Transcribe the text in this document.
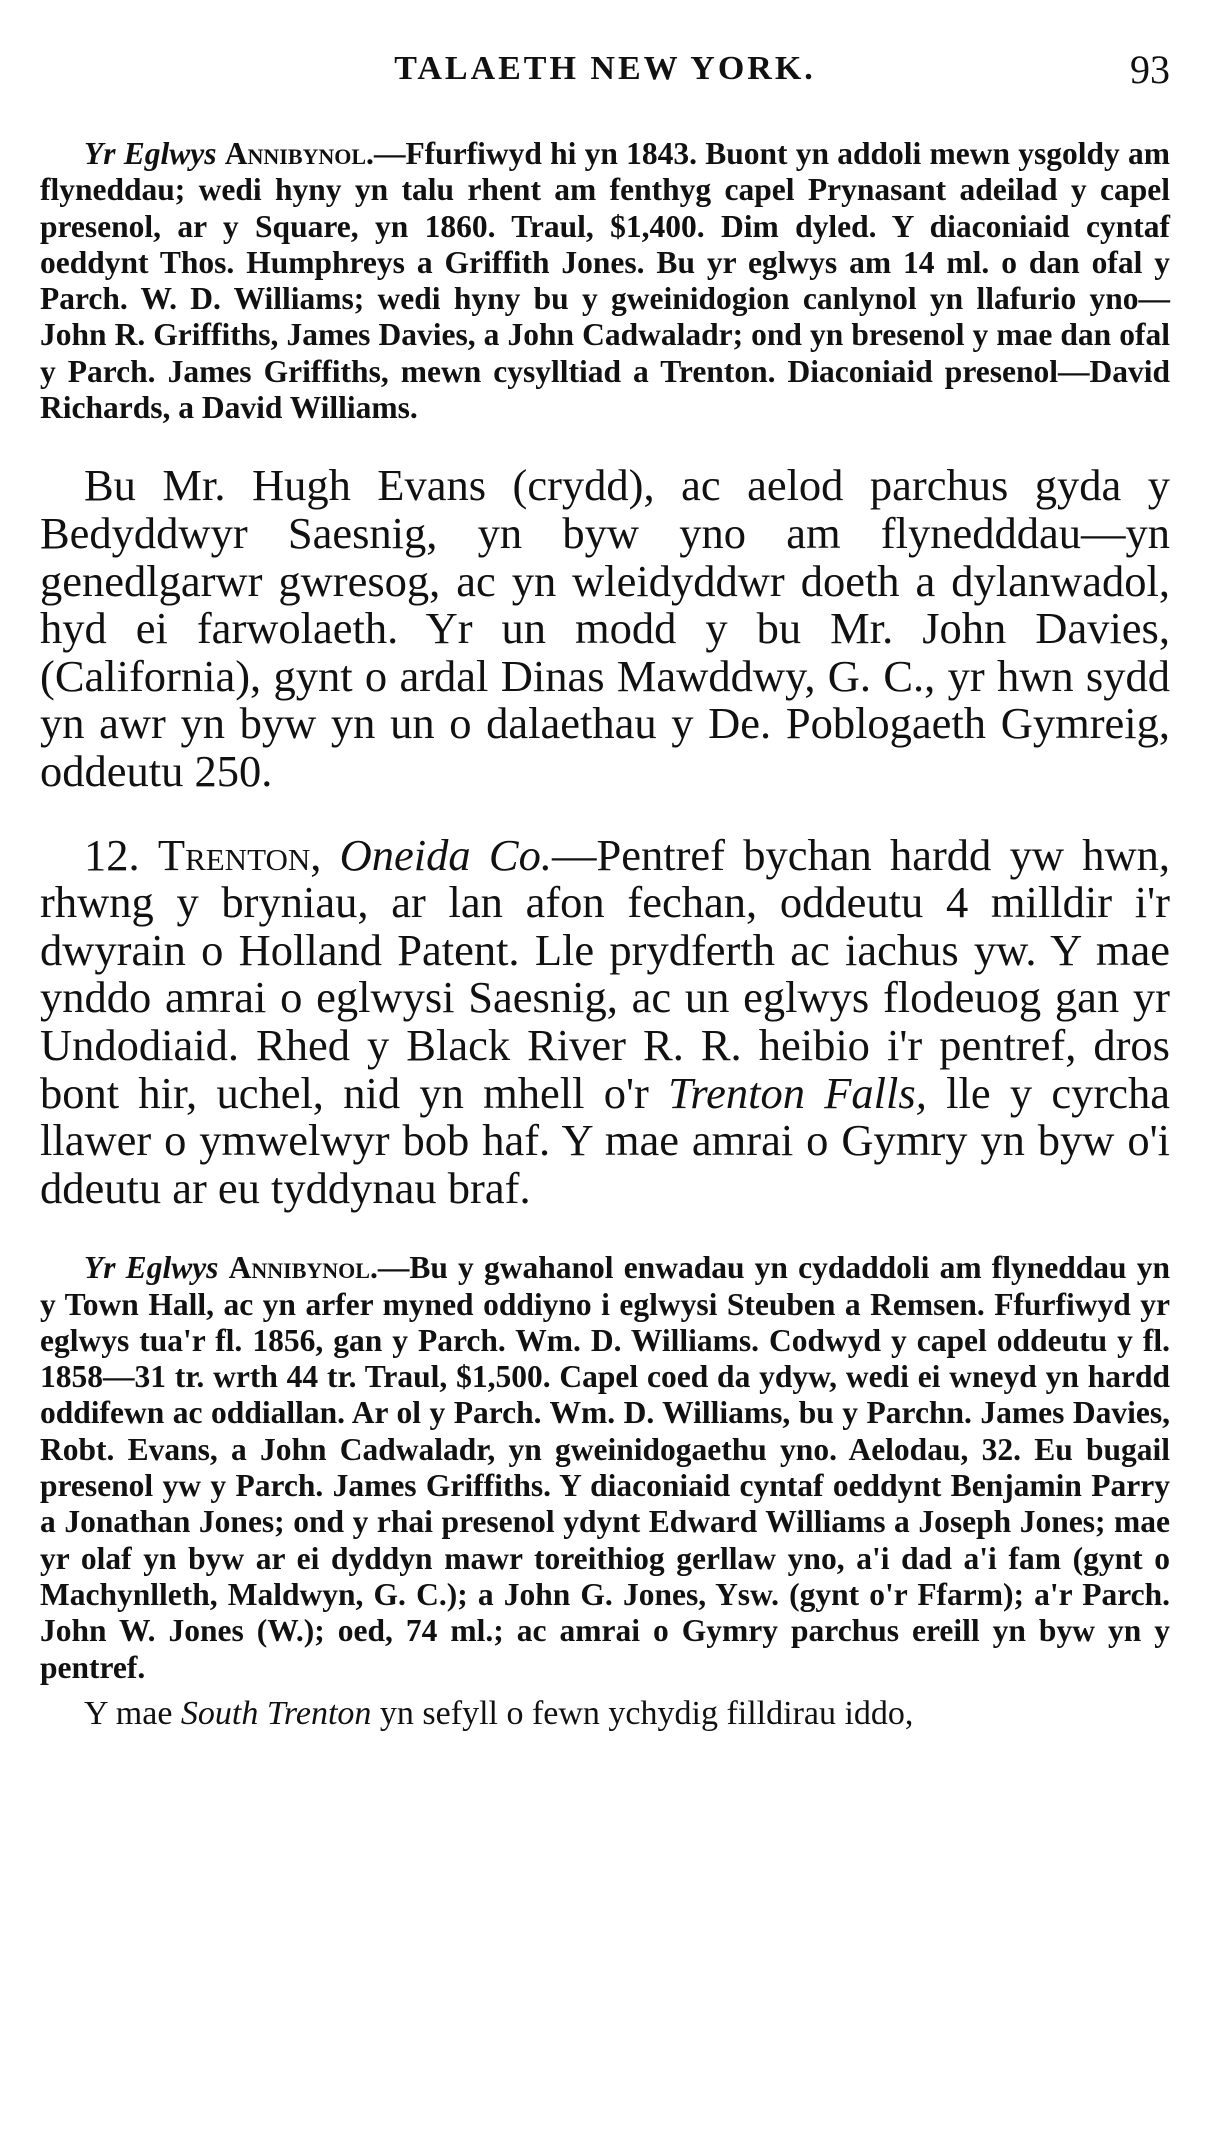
TALAETH NEW YORK.	93

Yr Eglwys Annibynol.—Ffurfiwyd hi yn 1843. Buont yn addoli mewn ysgoldy am flyneddau; wedi hyny yn talu rhent am fenthyg capel Prynasant adeilad y capel presenol, ar y Square, yn 1860. Traul, $1,400. Dim dyled. Y diaconiaid cyntaf oeddynt Thos. Humphreys a Griffith Jones. Bu yr eglwys am 14 ml. o dan ofal y Parch. W. D. Williams; wedi hyny bu y gweinidogion canlynol yn llafurio yno—John R. Griffiths, James Davies, a John Cadwaladr; ond yn bresenol y mae dan ofal y Parch. James Griffiths, mewn cysylltiad a Trenton. Diaconiaid presenol—David Richards, a David Williams.

Bu Mr. Hugh Evans (crydd), ac aelod parchus gyda y Bedyddwyr Saesnig, yn byw yno am flynedddau—yn genedlgarwr gwresog, ac yn wleidyddwr doeth a dylanwadol, hyd ei farwolaeth. Yr un modd y bu Mr. John Davies, (California), gynt o ardal Dinas Mawddwy, G. C., yr hwn sydd yn awr yn byw yn un o dalaethau y De. Poblogaeth Gymreig, oddeutu 250.

12. Trenton, Oneida Co.—Pentref bychan hardd yw hwn, rhwng y bryniau, ar lan afon fechan, oddeutu 4 milldir i'r dwyrain o Holland Patent. Lle prydferth ac iachus yw. Y mae ynddo amrai o eglwysi Saesnig, ac un eglwys flodeuog gan yr Undodiaid. Rhed y Black River R. R. heibio i'r pentref, dros bont hir, uchel, nid yn mhell o'r Trenton Falls, lle y cyrcha llawer o ymwelwyr bob haf. Y mae amrai o Gymry yn byw o'i ddeutu ar eu tyddynau braf.

Yr Eglwys Annibynol.—Bu y gwahanol enwadau yn cydaddoli am flyneddau yn y Town Hall, ac yn arfer myned oddiyno i eglwysi Steuben a Remsen. Ffurfiwyd yr eglwys tua'r fl. 1856, gan y Parch. Wm. D. Williams. Codwyd y capel oddeutu y fl. 1858—31 tr. wrth 44 tr. Traul, $1,500. Capel coed da ydyw, wedi ei wneyd yn hardd oddifewn ac oddiallan. Ar ol y Parch. Wm. D. Williams, bu y Parchn. James Davies, Robt. Evans, a John Cadwaladr, yn gweinidogaethu yno. Aelodau, 32. Eu bugail presenol yw y Parch. James Griffiths. Y diaconiaid cyntaf oeddynt Benjamin Parry a Jonathan Jones; ond y rhai presenol ydynt Edward Williams a Joseph Jones; mae yr olaf yn byw ar ei dyddyn mawr toreithiog gerllaw yno, a'i dad a'i fam (gynt o Machynlleth, Maldwyn, G. C.); a John G. Jones, Ysw. (gynt o'r Ffarm); a'r Parch. John W. Jones (W.); oed, 74 ml.; ac amrai o Gymry parchus ereill yn byw yn y pentref.

Y mae South Trenton yn sefyll o fewn ychydig filldirau iddo,
